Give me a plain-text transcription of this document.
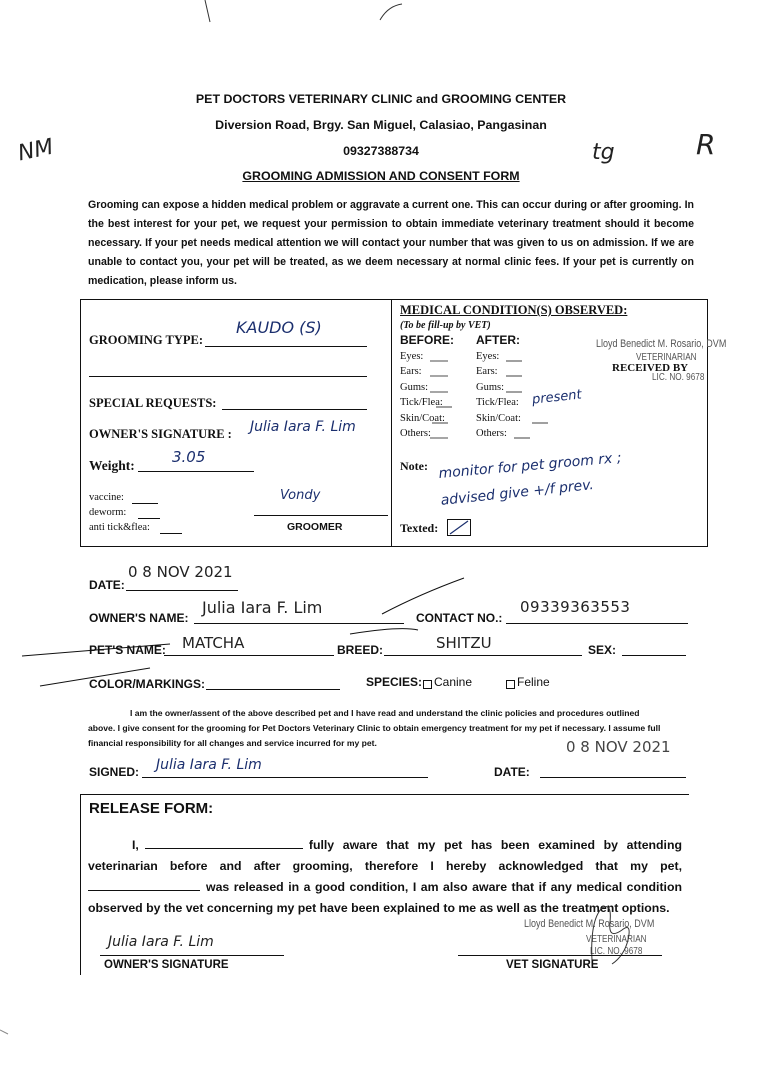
PET DOCTORS VETERINARY CLINIC and GROOMING CENTER
Diversion Road, Brgy. San Miguel, Calasiao, Pangasinan
09327388734
GROOMING ADMISSION AND CONSENT FORM
NM	tg	R
Grooming can expose a hidden medical problem or aggravate a current one. This can occur during or after grooming. In the best interest for your pet, we request your permission to obtain immediate veterinary treatment should it become necessary. If your pet needs medical attention we will contact your number that was given to us on admission. If we are unable to contact you, your pet will be treated, as we deem necessary at normal clinic fees. If your pet is currently on medication, please inform us.
GROOMING TYPE:
KAUDO (S)
SPECIAL REQUESTS:
OWNER'S SIGNATURE : Julia Iara F. Lim
Weight: 3.05
vaccine:
deworm:
anti tick&flea:
Vondy
GROOMER
MEDICAL CONDITION(S) OBSERVED:
(To be fill-up by VET)
BEFORE: AFTER:
Eyes:	Eyes:
Ears:	Ears:
Gums:	Gums:
Tick/Flea:	Tick/Flea:
Skin/Coat:	Skin/Coat:
Others:	Others:
present
Lloyd Benedict M. Rosario, DVM
VETERINARIAN
RECEIVED BY
LIC. NO. 9678
Note: monitor for pet groom rx ;
advised give +/f prev.
Texted:
DATE:
0 8 NOV 2021
OWNER'S NAME:
Julia Iara F. Lim
CONTACT NO.:
09339363553
PET'S NAME: MATCHA	BREED:	SHITZU	SEX:
COLOR/MARKINGS:	SPECIES: Canine	Feline
I am the owner/assent of the above described pet and I have read and understand the clinic policies and procedures outlined
above. I give consent for the grooming for Pet Doctors Veterinary Clinic to obtain emergency treatment for my pet if necessary. I assume full
financial responsibility for all changes and service incurred for my pet.	0 8 NOV 2021
SIGNED: Julia Iara F. Lim	DATE:
RELEASE FORM:
I,	fully aware that my pet has been examined by attending veterinarian before and after grooming, therefore I hereby acknowledged that my pet, was released in a good condition, I am also aware that if any medical condition observed by the vet concerning my pet have been explained to me as well as the treatment options.
Julia Iara F. Lim
OWNER'S SIGNATURE
Lloyd Benedict M. Rosario, DVM
VETERINARIAN
LIC. NO. 9678
VET SIGNATURE
